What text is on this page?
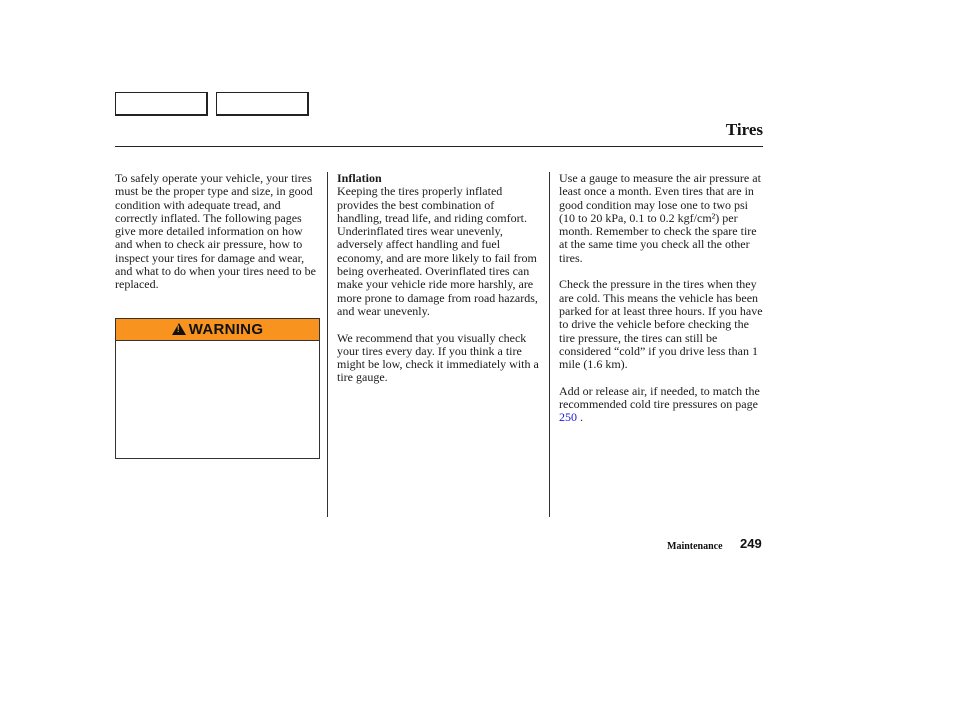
Tires

To safely operate your vehicle, your tires must be the proper type and size, in good condition with adequate tread, and correctly inflated. The following pages give more detailed information on how and when to check air pressure, how to inspect your tires for damage and wear, and what to do when your tires need to be replaced.

!
WARNING

Inflation
Keeping the tires properly inflated provides the best combination of handling, tread life, and riding comfort. Underinflated tires wear unevenly, adversely affect handling and fuel economy, and are more likely to fail from being overheated. Overinflated tires can make your vehicle ride more harshly, are more prone to damage from road hazards, and wear unevenly.

We recommend that you visually check your tires every day. If you think a tire might be low, check it immediately with a tire gauge.

Use a gauge to measure the air pressure at least once a month. Even tires that are in good condition may lose one to two psi (10 to 20 kPa, 0.1 to 0.2 kgf/cm²) per month. Remember to check the spare tire at the same time you check all the other tires.

Check the pressure in the tires when they are cold. This means the vehicle has been parked for at least three hours. If you have to drive the vehicle before checking the tire pressure, the tires can still be considered “cold” if you drive less than 1 mile (1.6 km).

Add or release air, if needed, to match the recommended cold tire pressures on page 250 .

Maintenance 249
